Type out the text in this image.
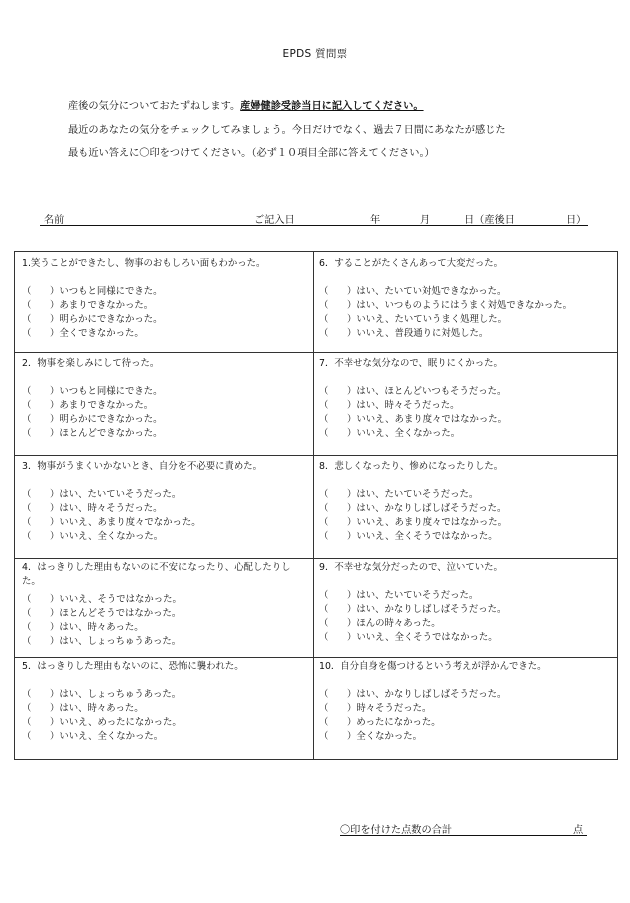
EPDS 質問票
産後の気分についておたずねします。産婦健診受診当日に記入してください。
最近のあなたの気分をチェックしてみましょう。今日だけでなく、過去７日間にあなたが感じた
最も近い答えに〇印をつけてください。（必ず１０項目全部に答えてください。）
名前	ご記入日	年	月	日（産後日	日）
1.笑うことができたし、物事のおもしろい面もわかった。
（	） いつもと同様にできた。
（	） あまりできなかった。
（	） 明らかにできなかった。
（	） 全くできなかった。
2．物事を楽しみにして待った。
（	） いつもと同様にできた。
（	） あまりできなかった。
（	） 明らかにできなかった。
（	） ほとんどできなかった。
3．物事がうまくいかないとき、自分を不必要に責めた。
（	） はい、たいていそうだった。
（	） はい、時々そうだった。
（	） いいえ、あまり度々でなかった。
（	） いいえ、全くなかった。
4．はっきりした理由もないのに不安になったり、心配したりした。
（	） いいえ、そうではなかった。
（	） ほとんどそうではなかった。
（	） はい、時々あった。
（	） はい、しょっちゅうあった。
5．はっきりした理由もないのに、恐怖に襲われた。
（	） はい、しょっちゅうあった。
（	） はい、時々あった。
（	） いいえ、めったになかった。
（	） いいえ、全くなかった。
6．することがたくさんあって大変だった。
（	） はい、たいてい対処できなかった。
（	） はい、いつものようにはうまく対処できなかった。
（	） いいえ、たいていうまく処理した。
（	） いいえ、普段通りに対処した。
7．不幸せな気分なので、眠りにくかった。
（	） はい、ほとんどいつもそうだった。
（	） はい、時々そうだった。
（	） いいえ、あまり度々ではなかった。
（	） いいえ、全くなかった。
8．悲しくなったり、惨めになったりした。
（	） はい、たいていそうだった。
（	） はい、かなりしばしばそうだった。
（	） いいえ、あまり度々ではなかった。
（	） いいえ、全くそうではなかった。
9．不幸せな気分だったので、泣いていた。
（	） はい、たいていそうだった。
（	） はい、かなりしばしばそうだった。
（	） ほんの時々あった。
（	） いいえ、全くそうではなかった。
10．自分自身を傷つけるという考えが浮かんできた。
（	） はい、かなりしばしばそうだった。
（	） 時々そうだった。
（	） めったになかった。
（	） 全くなかった。
〇印を付けた点数の合計	点
